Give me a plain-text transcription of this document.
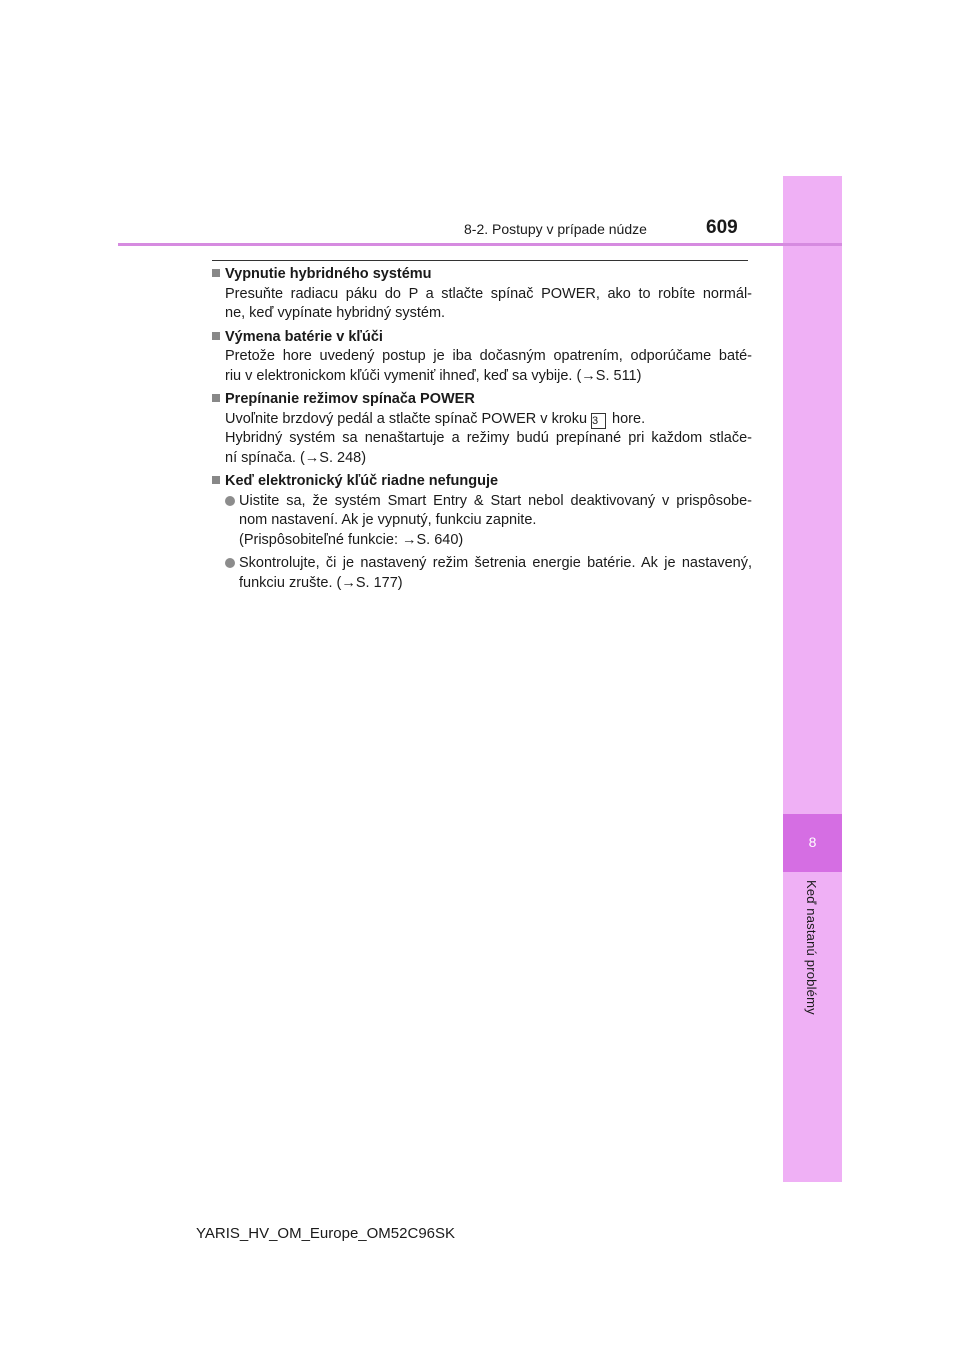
8
Keď nastanú problémy
8-2. Postupy v prípade núdze	609
Vypnutie hybridného systému
Presuňte radiacu páku do P a stlačte spínač POWER, ako to robíte normál-
ne, keď vypínate hybridný systém.
Výmena batérie v kľúči
Pretože hore uvedený postup je iba dočasným opatrením, odporúčame baté-
riu v elektronickom kľúči vymeniť ihneď, keď sa vybije. (→S. 511)
Prepínanie režimov spínača POWER
Uvoľnite brzdový pedál a stlačte spínač POWER v kroku 3 hore.
Hybridný systém sa nenaštartuje a režimy budú prepínané pri každom stlače-
ní spínača. (→S. 248)
Keď elektronický kľúč riadne nefunguje
Uistite sa, že systém Smart Entry & Start nebol deaktivovaný v prispôsobe-
nom nastavení. Ak je vypnutý, funkciu zapnite.
(Prispôsobiteľné funkcie: →S. 640)
Skontrolujte, či je nastavený režim šetrenia energie batérie. Ak je nastavený,
funkciu zrušte. (→S. 177)
YARIS_HV_OM_Europe_OM52C96SK
